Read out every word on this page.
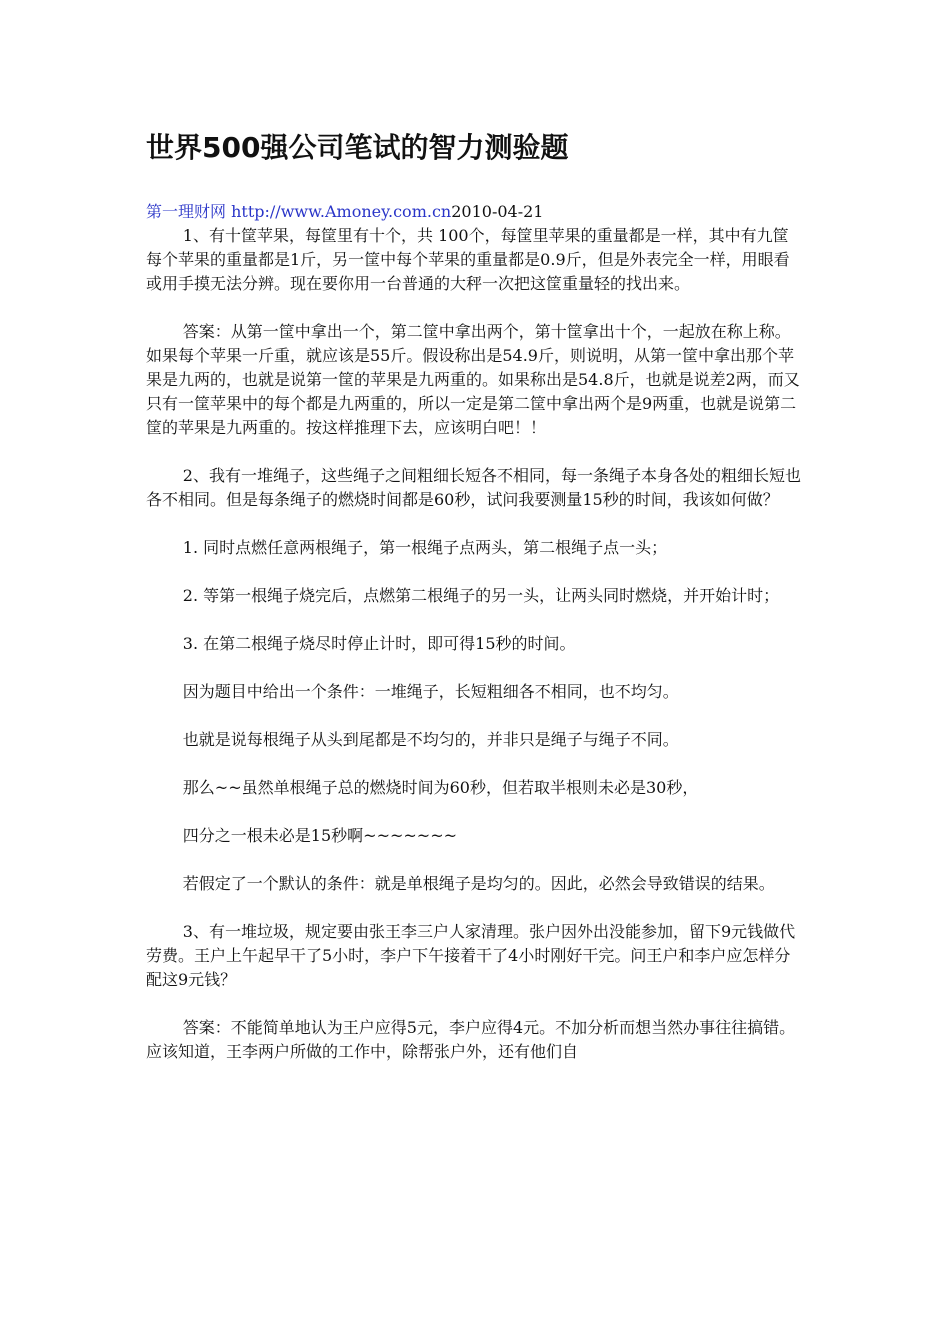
世界500强公司笔试的智力测验题
第一理财网 http://www.Amoney.com.cn2010-04-21

1、有十筐苹果，每筐里有十个，共 100个，每筐里苹果的重量都是一样，其中有九筐每个苹果的重量都是1斤，另一筐中每个苹果的重量都是0.9斤，但是外表完全一样，用眼看或用手摸无法分辨。现在要你用一台普通的大秤一次把这筐重量轻的找出来。

答案：从第一筐中拿出一个，第二筐中拿出两个，第十筐拿出十个，一起放在称上称。如果每个苹果一斤重，就应该是55斤。假设称出是54.9斤，则说明，从第一筐中拿出那个苹果是九两的，也就是说第一筐的苹果是九两重的。如果称出是54.8斤，也就是说差2两，而又只有一筐苹果中的每个都是九两重的，所以一定是第二筐中拿出两个是9两重，也就是说第二筐的苹果是九两重的。按这样推理下去，应该明白吧！！

2、我有一堆绳子，这些绳子之间粗细长短各不相同，每一条绳子本身各处的粗细长短也各不相同。但是每条绳子的燃烧时间都是60秒，试问我要测量15秒的时间，我该如何做？

1. 同时点燃任意两根绳子，第一根绳子点两头，第二根绳子点一头；

2. 等第一根绳子烧完后，点燃第二根绳子的另一头，让两头同时燃烧，并开始计时；

3. 在第二根绳子烧尽时停止计时，即可得15秒的时间。

因为题目中给出一个条件：一堆绳子，长短粗细各不相同，也不均匀。

也就是说每根绳子从头到尾都是不均匀的，并非只是绳子与绳子不同。

那么~~虽然单根绳子总的燃烧时间为60秒，但若取半根则未必是30秒，

四分之一根未必是15秒啊~~~~~~~

若假定了一个默认的条件：就是单根绳子是均匀的。因此，必然会导致错误的结果。

3、有一堆垃圾，规定要由张王李三户人家清理。张户因外出没能参加，留下9元钱做代劳费。王户上午起早干了5小时，李户下午接着干了4小时刚好干完。问王户和李户应怎样分配这9元钱？

答案：不能简单地认为王户应得5元，李户应得4元。不加分析而想当然办事往往搞错。应该知道，王李两户所做的工作中，除帮张户外，还有他们自
